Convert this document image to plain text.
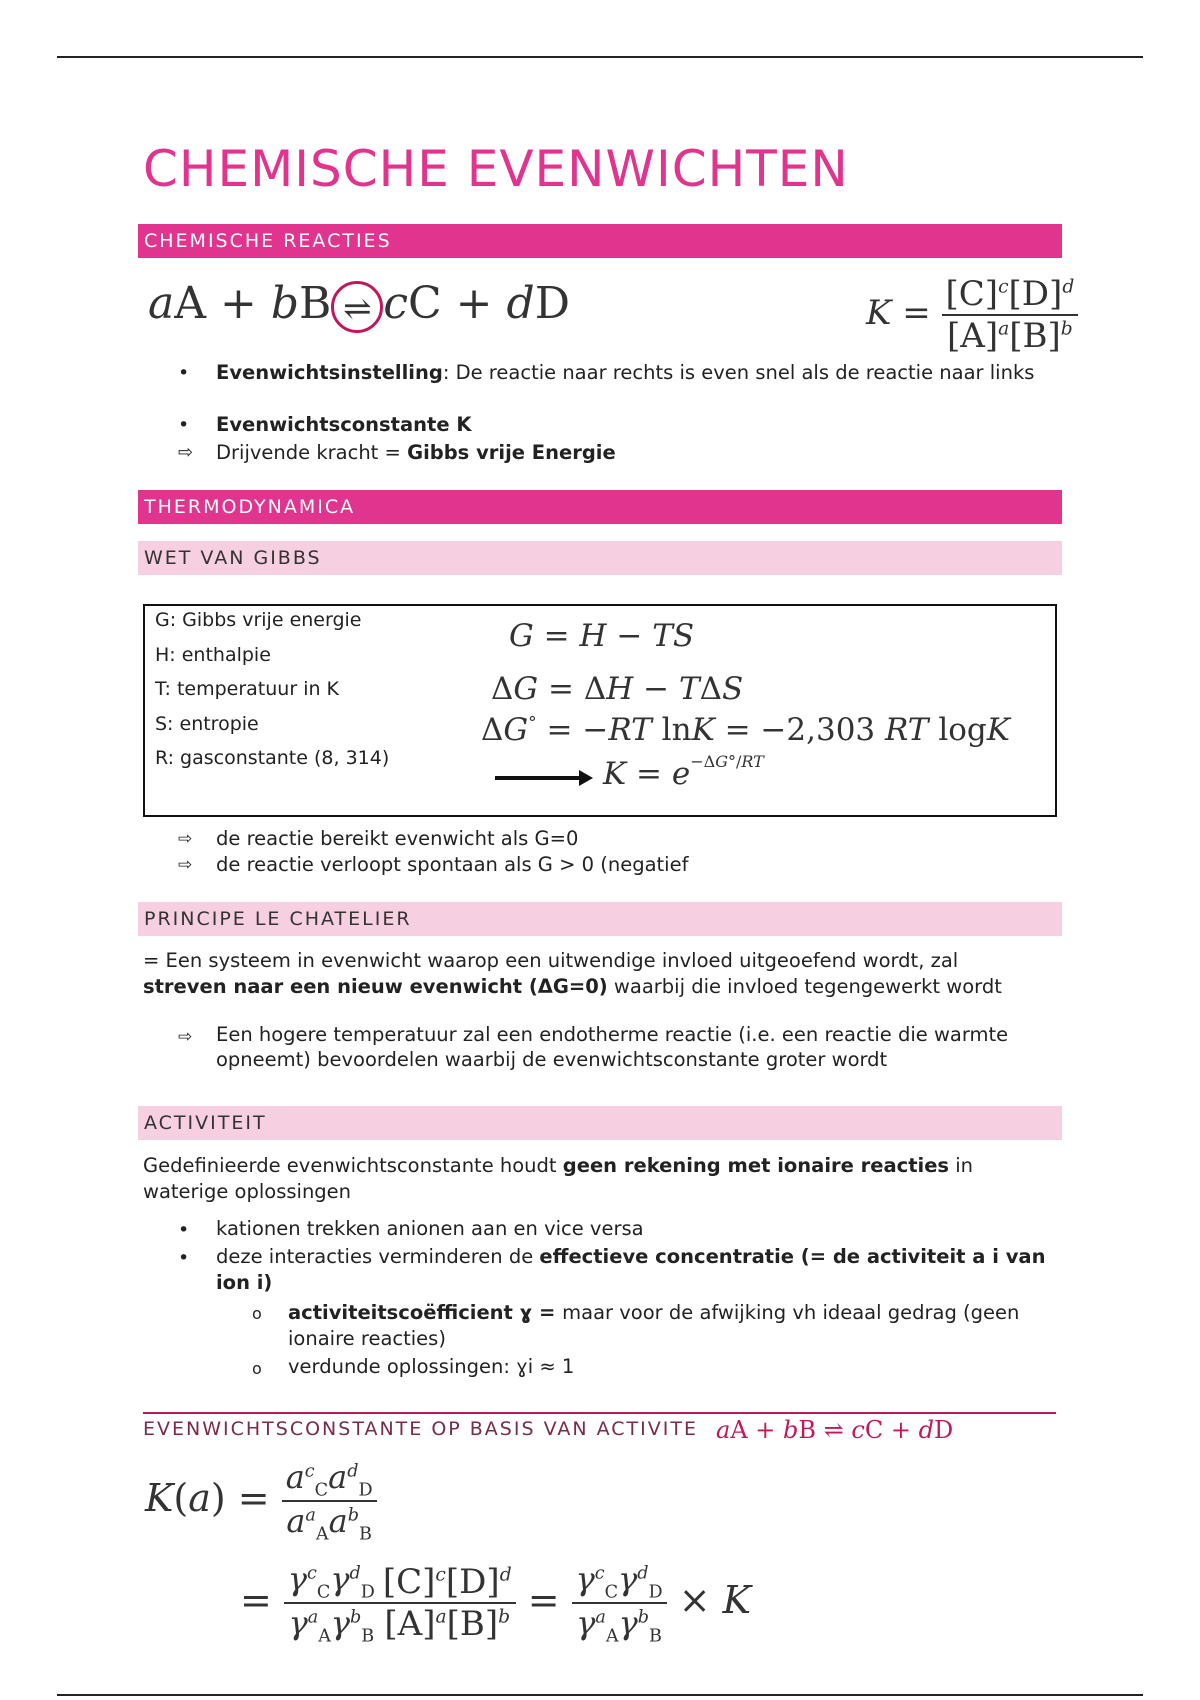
CHEMISCHE EVENWICHTEN
CHEMISCHE REACTIES
aA + bB ⇌ cC + dD	$K = \frac{[C]^c[D]^d}{[A]^a[B]^b}$
• Evenwichtsinstelling: De reactie naar rechts is even snel als de reactie naar links
• Evenwichtsconstante K
⇨ Drijvende kracht = Gibbs vrije Energie
THERMODYNAMICA
WET VAN GIBBS
G: Gibbs vrije energie
H: enthalpie
T: temperatuur in K
S: entropie
R: gasconstante (8, 314)
G = H − TS
ΔG = ΔH − TΔS
ΔG° = −RT lnK = −2,303 RT logK
$K = e^{-\Delta G^\circ/RT}$
⇨ de reactie bereikt evenwicht als G=0
⇨ de reactie verloopt spontaan als G > 0 (negatief
PRINCIPE LE CHATELIER
= Een systeem in evenwicht waarop een uitwendige invloed uitgeoefend wordt, zal
streven naar een nieuw evenwicht (ΔG=0) waarbij die invloed tegengewerkt wordt
⇨ Een hogere temperatuur zal een endotherme reactie (i.e. een reactie die warmte opneemt) bevoordelen waarbij de evenwichtsconstante groter wordt
ACTIVITEIT
Gedefinieerde evenwichtsconstante houdt geen rekening met ionaire reacties in waterige oplossingen
• kationen trekken anionen aan en vice versa
• deze interacties verminderen de effectieve concentratie (= de activiteit a i van ion i)
o activiteitscoëfficient ɣ = maar voor de afwijking vh ideaal gedrag (geen ionaire reacties)
o verdunde oplossingen: ɣi ≈ 1
EVENWICHTSCONSTANTE OP BASIS VAN ACTIVITE aA + bB ⇌ cC + dD
$K(a) = \frac{a^c_Ca^d_D}{a^a_Aa^b_B}$
= $\frac{\gamma^c_C\gamma^d_D}{\gamma^a_A\gamma^b_B} \frac{[C]^c[D]^d}{[A]^a[B]^b} = \frac{\gamma^c_C\gamma^d_D}{\gamma^a_A\gamma^b_B} \times K$
